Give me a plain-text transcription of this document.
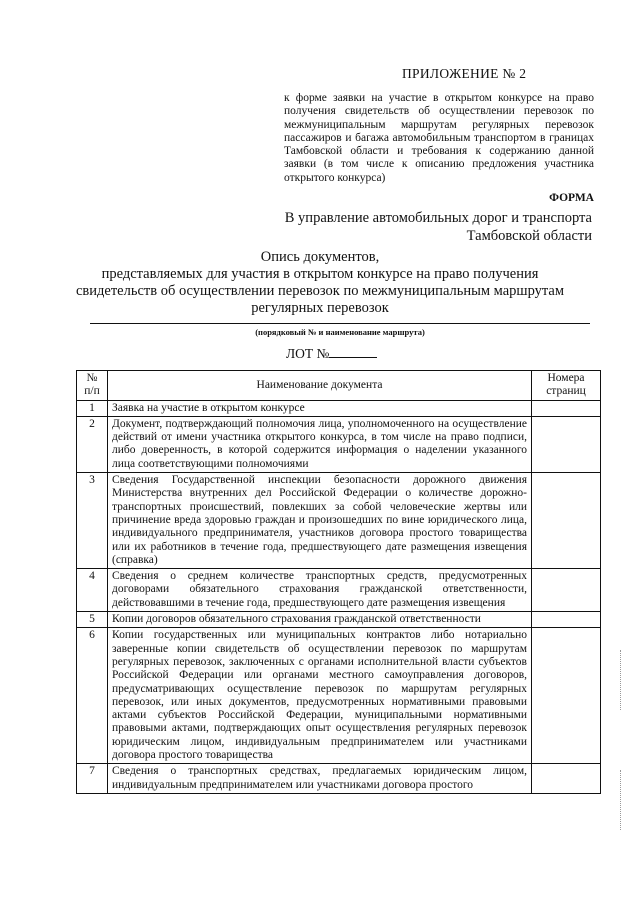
ПРИЛОЖЕНИЕ № 2
к форме заявки на участие в открытом конкурсе на право получения свидетельств об осуществлении перевозок по межмуниципальным маршрутам регулярных перевозок пассажиров и багажа автомобильным транспортом в границах Тамбовской области и требования к содержанию данной заявки (в том числе к описанию предложения участника открытого конкурса)
ФОРМА
В управление автомобильных дорог и транспорта Тамбовской области
Опись документов,
представляемых для участия в открытом конкурсе на право получения свидетельств об осуществлении перевозок по межмуниципальным маршрутам регулярных перевозок
(порядковый № и наименование маршрута)
ЛОТ №
№ п/п	Наименование документа	Номера страниц
1	Заявка на участие в открытом конкурсе	
2	Документ, подтверждающий полномочия лица, уполномоченного на осуществление действий от имени участника открытого конкурса, в том числе на право подписи, либо доверенность, в которой содержится информация о наделении указанного лица соответствующими полномочиями	
3	Сведения Государственной инспекции безопасности дорожного движения Министерства внутренних дел Российской Федерации о количестве дорожно-транспортных происшествий, повлекших за собой человеческие жертвы или причинение вреда здоровью граждан и произошедших по вине юридического лица, индивидуального предпринимателя, участников договора простого товарищества или их работников в течение года, предшествующего дате размещения извещения (справка)	
4	Сведения о среднем количестве транспортных средств, предусмотренных договорами обязательного страхования гражданской ответственности, действовавшими в течение года, предшествующего дате размещения извещения	
5	Копии договоров обязательного страхования гражданской ответственности	
6	Копии государственных или муниципальных контрактов либо нотариально заверенные копии свидетельств об осуществлении перевозок по маршрутам регулярных перевозок, заключенных с органами исполнительной власти субъектов Российской Федерации или органами местного самоуправления договоров, предусматривающих осуществление перевозок по маршрутам регулярных перевозок, или иных документов, предусмотренных нормативными правовыми актами субъектов Российской Федерации, муниципальными нормативными правовыми актами, подтверждающих опыт осуществления регулярных перевозок юридическим лицом, индивидуальным предпринимателем или участниками договора простого товарищества	
7	Сведения о транспортных средствах, предлагаемых юридическим лицом, индивидуальным предпринимателем или участниками договора простого	
